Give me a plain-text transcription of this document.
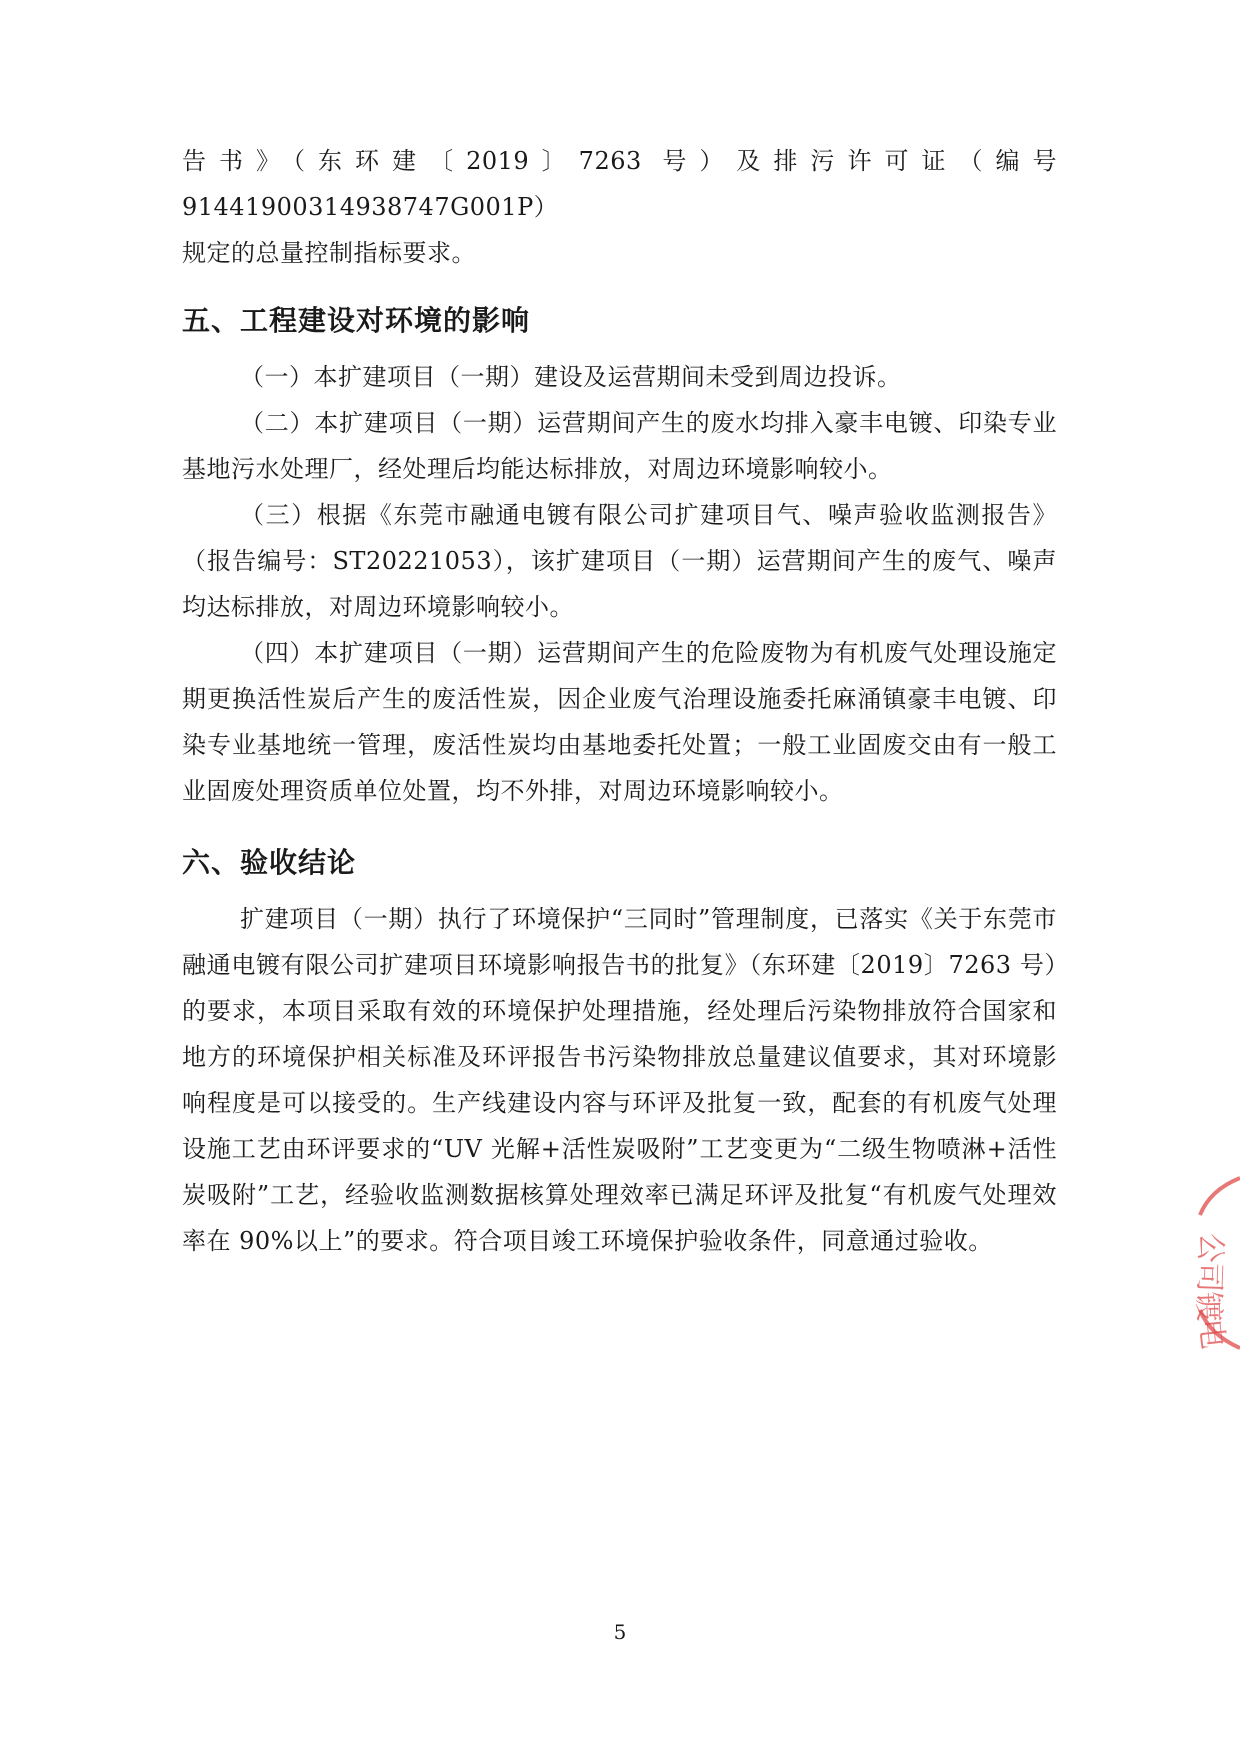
告书》（东环建〔2019〕7263 号）及排污许可证（编号 91441900314938747G001P）

规定的总量控制指标要求。

五、工程建设对环境的影响

（一）本扩建项目（一期）建设及运营期间未受到周边投诉。

（二）本扩建项目（一期）运营期间产生的废水均排入豪丰电镀、印染专业基地污水处理厂，经处理后均能达标排放，对周边环境影响较小。

（三）根据《东莞市融通电镀有限公司扩建项目气、噪声验收监测报告》（报告编号：ST20221053），该扩建项目（一期）运营期间产生的废气、噪声均达标排放，对周边环境影响较小。

（四）本扩建项目（一期）运营期间产生的危险废物为有机废气处理设施定期更换活性炭后产生的废活性炭，因企业废气治理设施委托麻涌镇豪丰电镀、印染专业基地统一管理，废活性炭均由基地委托处置；一般工业固废交由有一般工业固废处理资质单位处置，均不外排，对周边环境影响较小。

六、验收结论

扩建项目（一期）执行了环境保护“三同时”管理制度，已落实《关于东莞市融通电镀有限公司扩建项目环境影响报告书的批复》（东环建〔2019〕7263 号）的要求，本项目采取有效的环境保护处理措施，经处理后污染物排放符合国家和地方的环境保护相关标准及环评报告书污染物排放总量建议值要求，其对环境影响程度是可以接受的。生产线建设内容与环评及批复一致，配套的有机废气处理设施工艺由环评要求的“UV 光解+活性炭吸附”工艺变更为“二级生物喷淋+活性炭吸附”工艺，经验收监测数据核算处理效率已满足环评及批复“有机废气处理效率在 90%以上”的要求。符合项目竣工环境保护验收条件，同意通过验收。	公
司
镀
电
5
